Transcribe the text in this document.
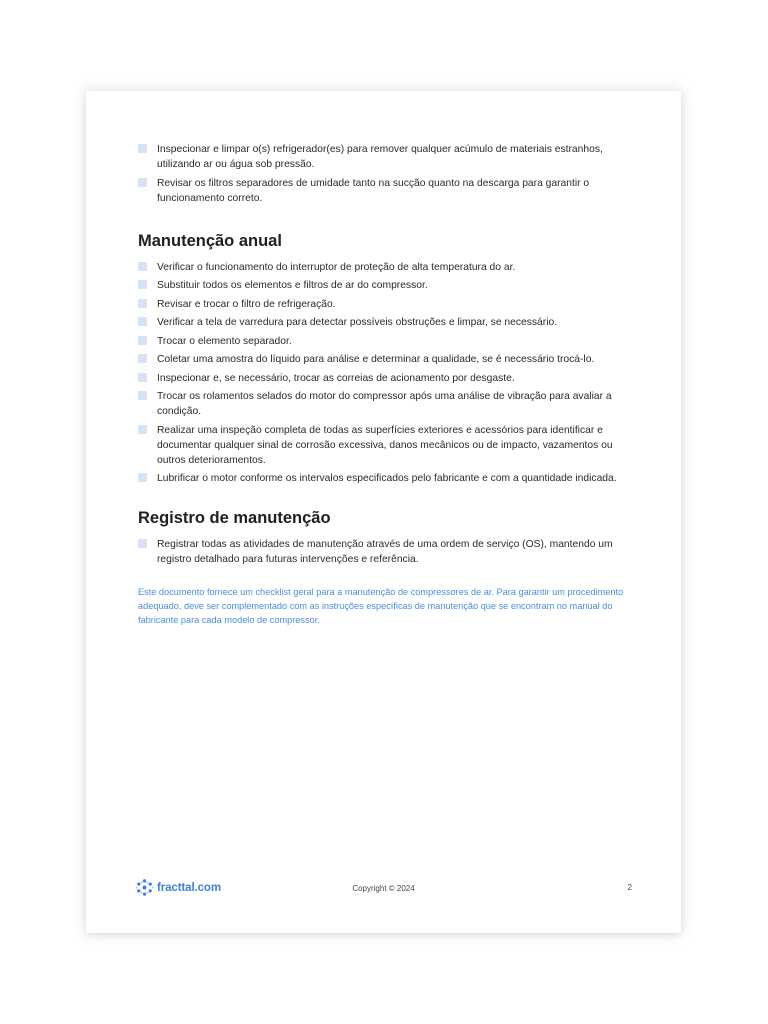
Inspecionar e limpar o(s) refrigerador(es) para remover qualquer acúmulo de materiais estranhos, utilizando ar ou água sob pressão.
Revisar os filtros separadores de umidade tanto na sucção quanto na descarga para garantir o funcionamento correto.
Manutenção anual
Verificar o funcionamento do interruptor de proteção de alta temperatura do ar.
Substituir todos os elementos e filtros de ar do compressor.
Revisar e trocar o filtro de refrigeração.
Verificar a tela de varredura para detectar possíveis obstruções e limpar, se necessário.
Trocar o elemento separador.
Coletar uma amostra do líquido para análise e determinar a qualidade, se é necessário trocá-lo.
Inspecionar e, se necessário, trocar as correias de acionamento por desgaste.
Trocar os rolamentos selados do motor do compressor após uma análise de vibração para avaliar a condição.
Realizar uma inspeção completa de todas as superfícies exteriores e acessórios para identificar e documentar qualquer sinal de corrosão excessiva, danos mecânicos ou de impacto, vazamentos ou outros deterioramentos.
Lubrificar o motor conforme os intervalos especificados pelo fabricante e com a quantidade indicada.
Registro de manutenção
Registrar todas as atividades de manutenção através de uma ordem de serviço (OS), mantendo um registro detalhado para futuras intervenções e referência.

Este documento fornece um checklist geral para a manutenção de compressores de ar. Para garantir um procedimento adequado, deve ser complementado com as instruções específicas de manutenção que se encontram no manual do fabricante para cada modelo de compressor.

fracttal.com	Copyright © 2024	2
